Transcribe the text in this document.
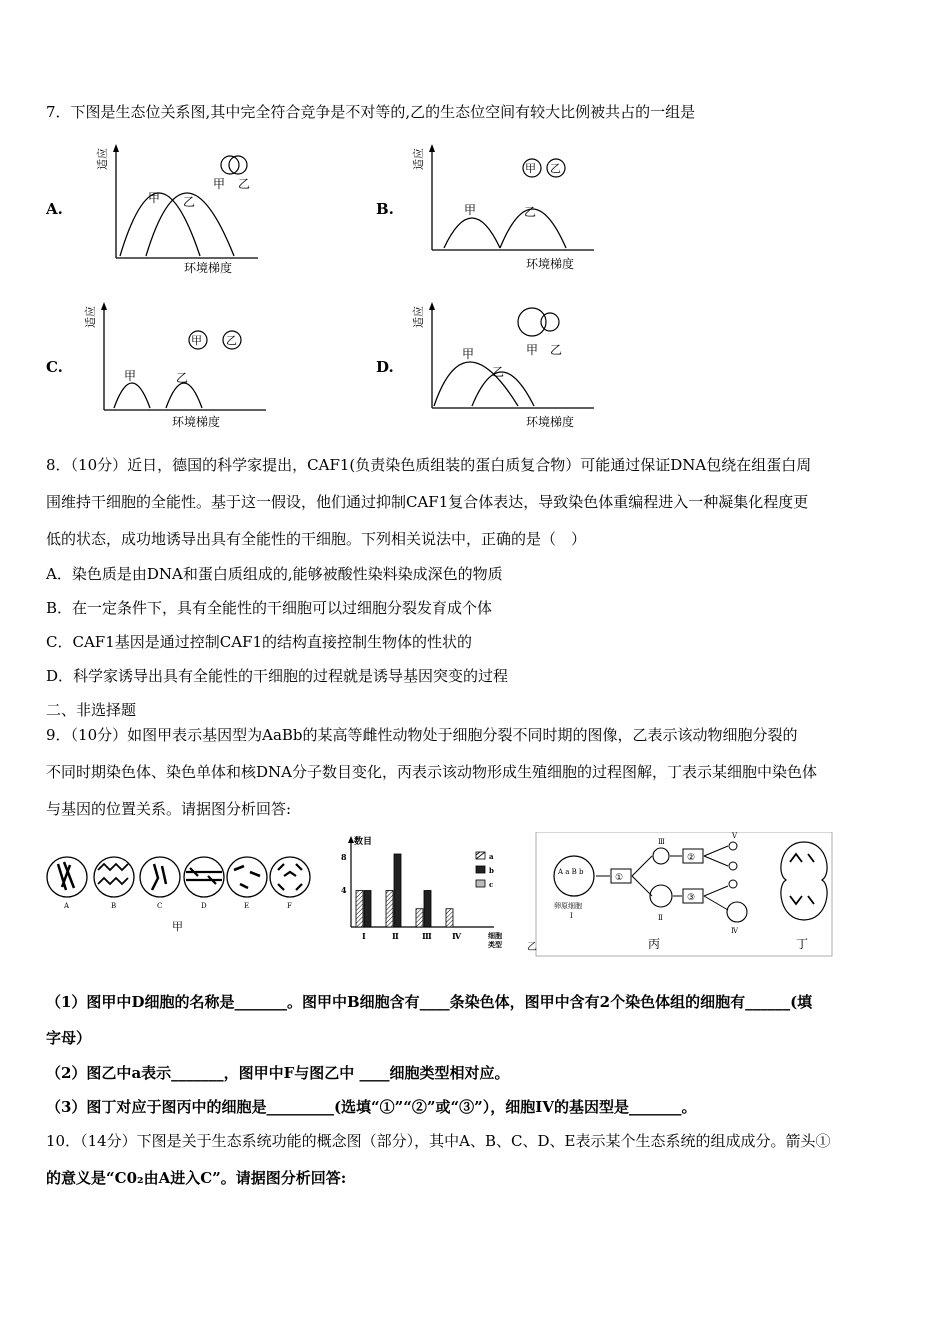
7．下图是生态位关系图,其中完全符合竞争是不对等的,乙的生态位空间有较大比例被共占的一组是
A.	B.
C.	D.
适应
环境梯度
甲 乙
甲 乙
适应
环境梯度
甲	乙
甲 乙
适应
环境梯度
甲	乙
甲 乙
适应
环境梯度
甲
乙
甲 乙
8．（10分）近日，德国的科学家提出，CAF1(负责染色质组装的蛋白质复合物）可能通过保证DNA包绕在组蛋白周
围维持干细胞的全能性。基于这一假设，他们通过抑制CAF1复合体表达，导致染色体重编程进入一种凝集化程度更
低的状态，成功地诱导出具有全能性的干细胞。下列相关说法中，正确的是（　）
A．染色质是由DNA和蛋白质组成的,能够被酸性染料染成深色的物质
B．在一定条件下，具有全能性的干细胞可以过细胞分裂发育成个体
C．CAF1基因是通过控制CAF1的结构直接控制生物体的性状的
D．科学家诱导出具有全能性的干细胞的过程就是诱导基因突变的过程
二、非选择题
9．（10分）如图甲表示基因型为AaBb的某高等雌性动物处于细胞分裂不同时期的图像，乙表示该动物细胞分裂的
不同时期染色体、染色单体和核DNA分子数目变化，丙表示该动物形成生殖细胞的过程图解，丁表示某细胞中染色体
与基因的位置关系。请据图分析回答:
A	B	C	D	E	F
甲
数目
8
4
Ⅰ	Ⅱ	Ⅲ	Ⅳ	细胞
类型
a
b
c
乙
A a B b
卵原细胞
Ⅰ
①
Ⅲ
Ⅱ
②
③
Ⅴ
Ⅳ
丙	丁
（1）图甲中D细胞的名称是_______。图甲中B细胞含有____条染色体，图甲中含有2个染色体组的细胞有______(填
字母）
（2）图乙中a表示_______，图甲中F与图乙中 ____细胞类型相对应。
（3）图丁对应于图丙中的细胞是_________(选填“①”“②”或“③”），细胞IV的基因型是_______。
10．（14分）下图是关于生态系统功能的概念图（部分），其中A、B、C、D、E表示某个生态系统的组成成分。箭头①
的意义是“C0₂由A进入C”。请据图分析回答:
